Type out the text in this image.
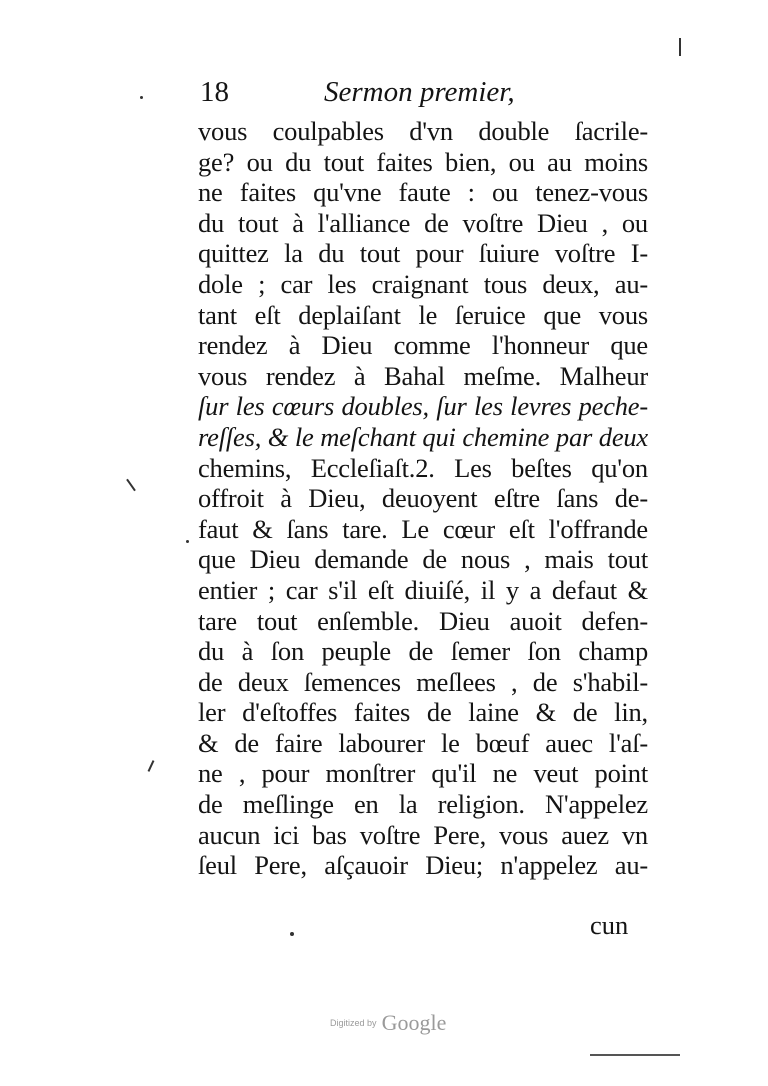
18	Sermon premier,
vous coulpables d'vn double ſacrile-
ge? ou du tout faites bien, ou au moins
ne faites qu'vne faute : ou tenez-vous
du tout à l'alliance de voſtre Dieu , ou
quittez la du tout pour ſuiure voſtre I-
dole ; car les craignant tous deux, au-
tant eſt deplaiſant le ſeruice que vous
rendez à Dieu comme l'honneur que
vous rendez à Bahal meſme. Malheur
ſur les cœurs doubles, ſur les levres peche-
reſſes, & le meſchant qui chemine par deux
chemins, Eccleſiaſt.2. Les beſtes qu'on
offroit à Dieu, deuoyent eſtre ſans de-
faut & ſans tare. Le cœur eſt l'offrande
que Dieu demande de nous , mais tout
entier ; car s'il eſt diuiſé, il y a defaut &
tare tout enſemble. Dieu auoit defen-
du à ſon peuple de ſemer ſon champ
de deux ſemences meſlees , de s'habil-
ler d'eſtoffes faites de laine & de lin,
& de faire labourer le bœuf auec l'aſ-
ne , pour monſtrer qu'il ne veut point
de meſlinge en la religion. N'appelez
aucun ici bas voſtre Pere, vous auez vn
ſeul Pere, aſçauoir Dieu; n'appelez au-
cun
Digitized by Google
